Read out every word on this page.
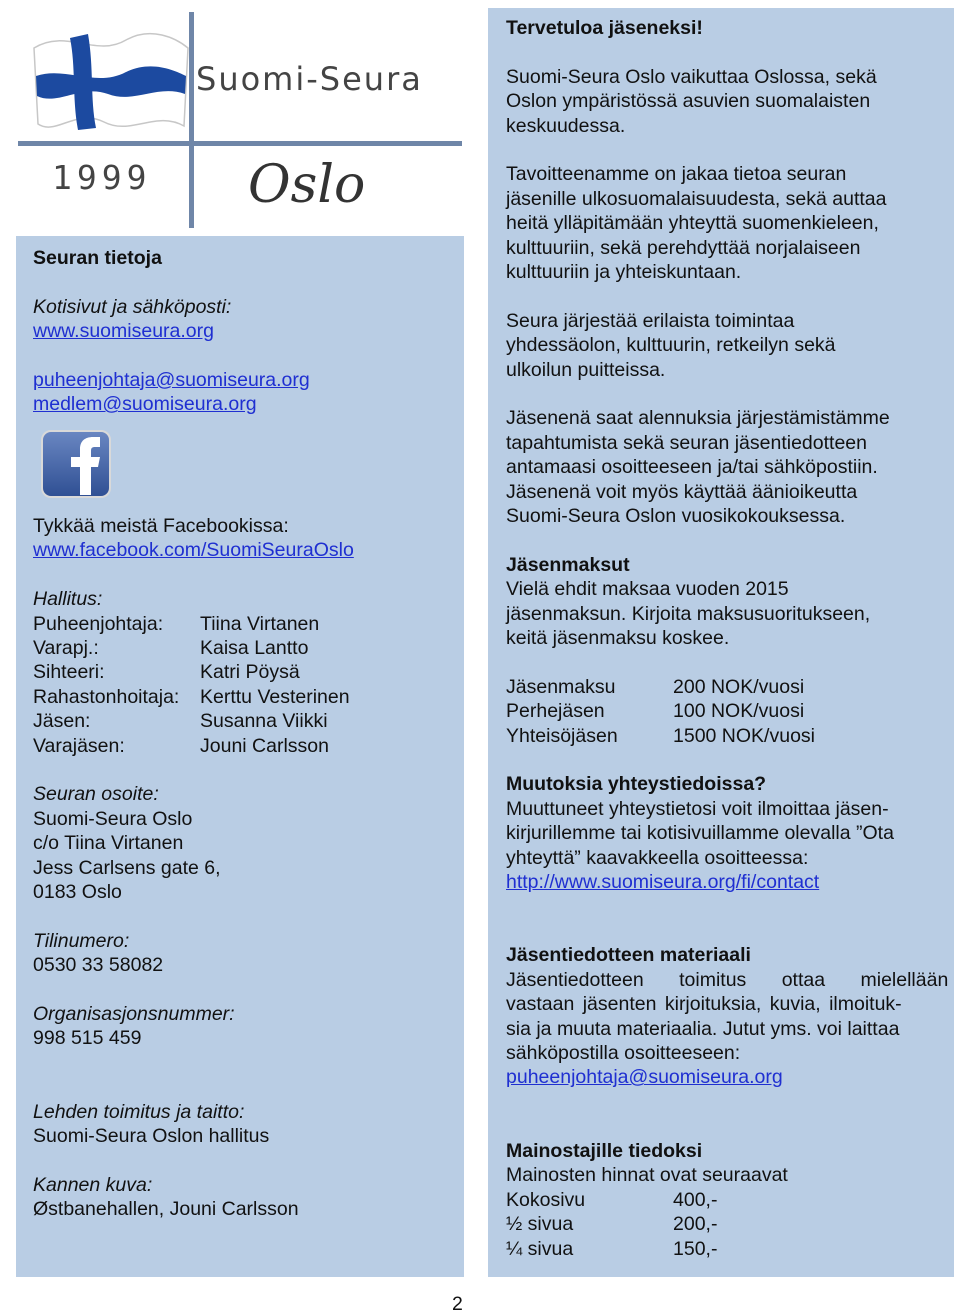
Suomi-Seura
1999 Oslo
Seuran tietoja
Kotisivut ja sähköposti:
www.suomiseura.org
puheenjohtaja@suomiseura.org
medlem@suomiseura.org
Tykkää meistä Facebookissa:
www.facebook.com/SuomiSeuraOslo
Hallitus:
Puheenjohtaja:	Tiina Virtanen
Varapj.:	Kaisa Lantto
Sihteeri:	Katri Pöysä
Rahastonhoitaja:	Kerttu Vesterinen
Jäsen:	Susanna Viikki
Varajäsen:	Jouni Carlsson
Seuran osoite:
Suomi-Seura Oslo
c/o Tiina Virtanen
Jess Carlsens gate 6,
0183 Oslo
Tilinumero:
0530 33 58082
Organisasjonsnummer:
998 515 459
Lehden toimitus ja taitto:
Suomi-Seura Oslon hallitus
Kannen kuva:
Østbanehallen, Jouni Carlsson
Tervetuloa jäseneksi!
Suomi-Seura Oslo vaikuttaa Oslossa, sekä
Oslon ympäristössä asuvien suomalaisten
keskuudessa.
Tavoitteenamme on jakaa tietoa seuran
jäsenille ulkosuomalaisuudesta, sekä auttaa
heitä ylläpitämään yhteyttä suomenkieleen,
kulttuuriin, sekä perehdyttää norjalaiseen
kulttuuriin ja yhteiskuntaan.
Seura järjestää erilaista toimintaa
yhdessäolon, kulttuurin, retkeilyn sekä
ulkoilun puitteissa.
Jäsenenä saat alennuksia järjestämistämme
tapahtumista sekä seuran jäsentiedotteen
antamaasi osoitteeseen ja/tai sähköpostiin.
Jäsenenä voit myös käyttää äänioikeutta
Suomi-Seura Oslon vuosikokouksessa.
Jäsenmaksut
Vielä ehdit maksaa vuoden 2015
jäsenmaksun. Kirjoita maksusuoritukseen,
keitä jäsenmaksu koskee.
Jäsenmaksu	200 NOK/vuosi
Perhejäsen	100 NOK/vuosi
Yhteisöjäsen	1500 NOK/vuosi
Muutoksia yhteystiedoissa?
Muuttuneet yhteystietosi voit ilmoittaa jäsen-
kirjurillemme tai kotisivuillamme olevalla ”Ota
yhteyttä” kaavakkeella osoitteessa:
http://www.suomiseura.org/fi/contact
Jäsentiedotteen materiaali
Jäsentiedotteen toimitus ottaa mielellään
vastaan jäsenten kirjoituksia, kuvia, ilmoituk-
sia ja muuta materiaalia. Jutut yms. voi laittaa
sähköpostilla osoitteeseen:
puheenjohtaja@suomiseura.org
Mainostajille tiedoksi
Mainosten hinnat ovat seuraavat
Kokosivu	400,-
½ sivua	200,-
¼ sivua	150,-
2
